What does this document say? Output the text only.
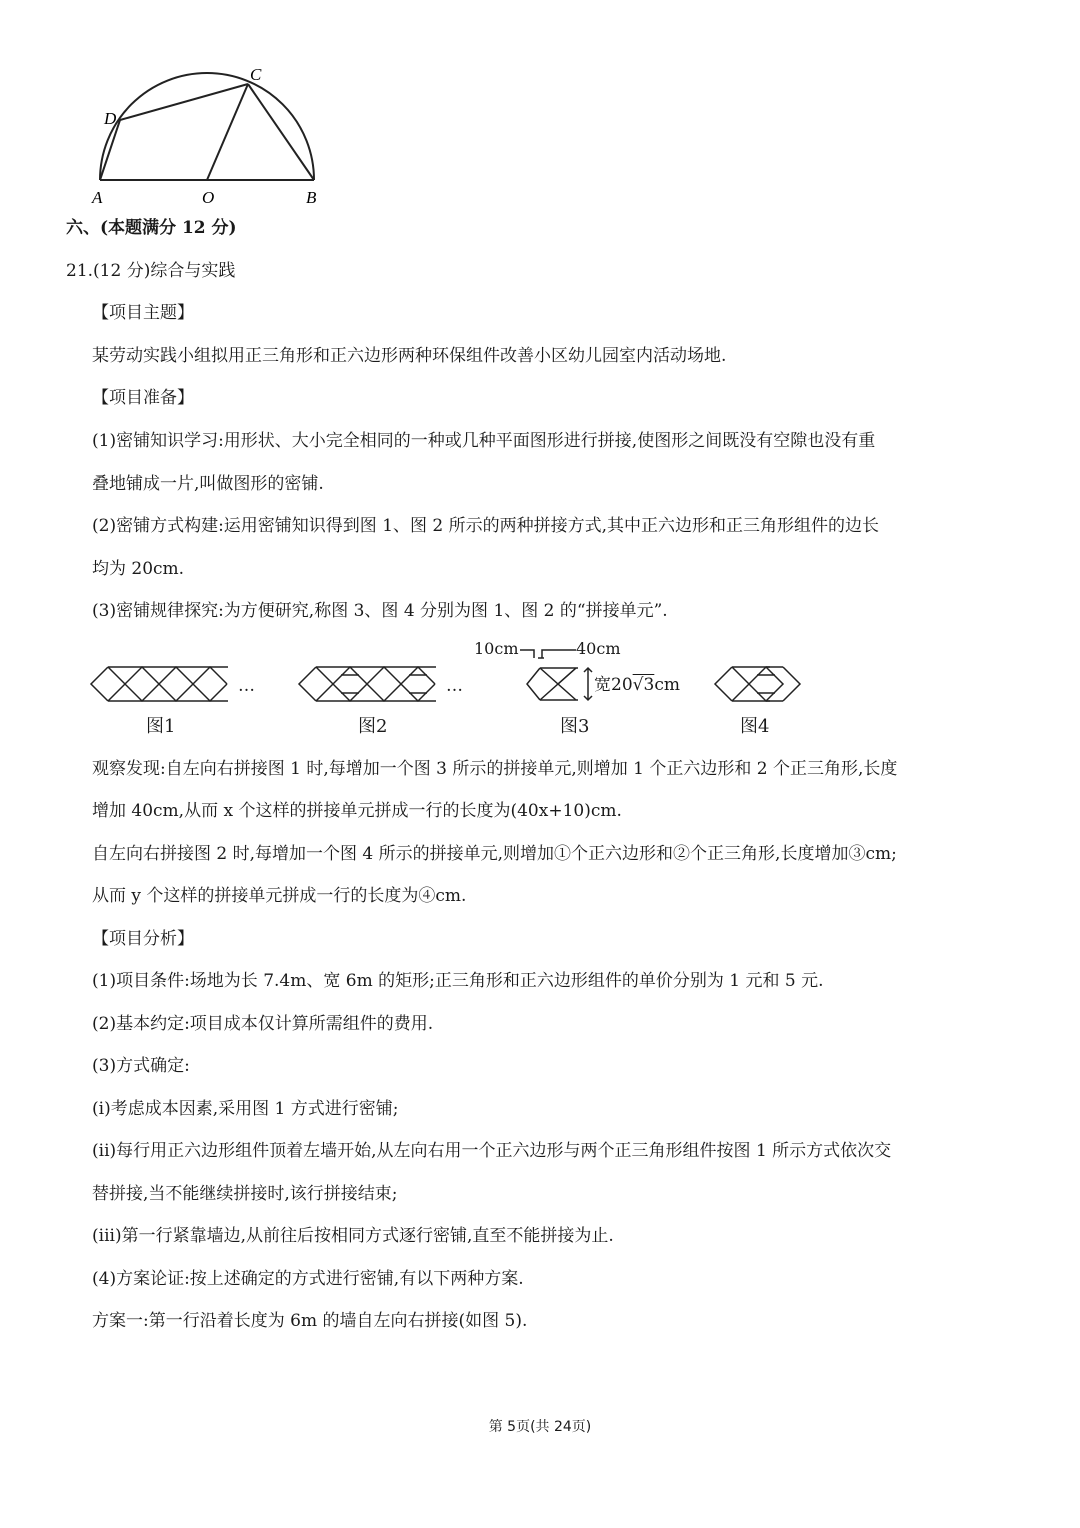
C
D
A	O	B
六、(本题满分 12 分)
21.(12 分)综合与实践
【项目主题】
某劳动实践小组拟用正三角形和正六边形两种环保组件改善小区幼儿园室内活动场地.
【项目准备】
(1)密铺知识学习:用形状、大小完全相同的一种或几种平面图形进行拼接,使图形之间既没有空隙也没有重
叠地铺成一片,叫做图形的密铺.
(2)密铺方式构建:运用密铺知识得到图 1、图 2 所示的两种拼接方式,其中正六边形和正三角形组件的边长
均为 20cm.
(3)密铺规律探究:为方便研究,称图 3、图 4 分别为图 1、图 2 的“拼接单元”.
…
图1
…
图2
10cm	40cm
宽20√3cm
图3	图4
观察发现:自左向右拼接图 1 时,每增加一个图 3 所示的拼接单元,则增加 1 个正六边形和 2 个正三角形,长度
增加 40cm,从而 x 个这样的拼接单元拼成一行的长度为(40x+10)cm.
自左向右拼接图 2 时,每增加一个图 4 所示的拼接单元,则增加①个正六边形和②个正三角形,长度增加③cm;
从而 y 个这样的拼接单元拼成一行的长度为④cm.
【项目分析】
(1)项目条件:场地为长 7.4m、宽 6m 的矩形;正三角形和正六边形组件的单价分别为 1 元和 5 元.
(2)基本约定:项目成本仅计算所需组件的费用.
(3)方式确定:
(i)考虑成本因素,采用图 1 方式进行密铺;
(ii)每行用正六边形组件顶着左墙开始,从左向右用一个正六边形与两个正三角形组件按图 1 所示方式依次交
替拼接,当不能继续拼接时,该行拼接结束;
(iii)第一行紧靠墙边,从前往后按相同方式逐行密铺,直至不能拼接为止.
(4)方案论证:按上述确定的方式进行密铺,有以下两种方案.
方案一:第一行沿着长度为 6m 的墙自左向右拼接(如图 5).
第 5页(共 24页)
